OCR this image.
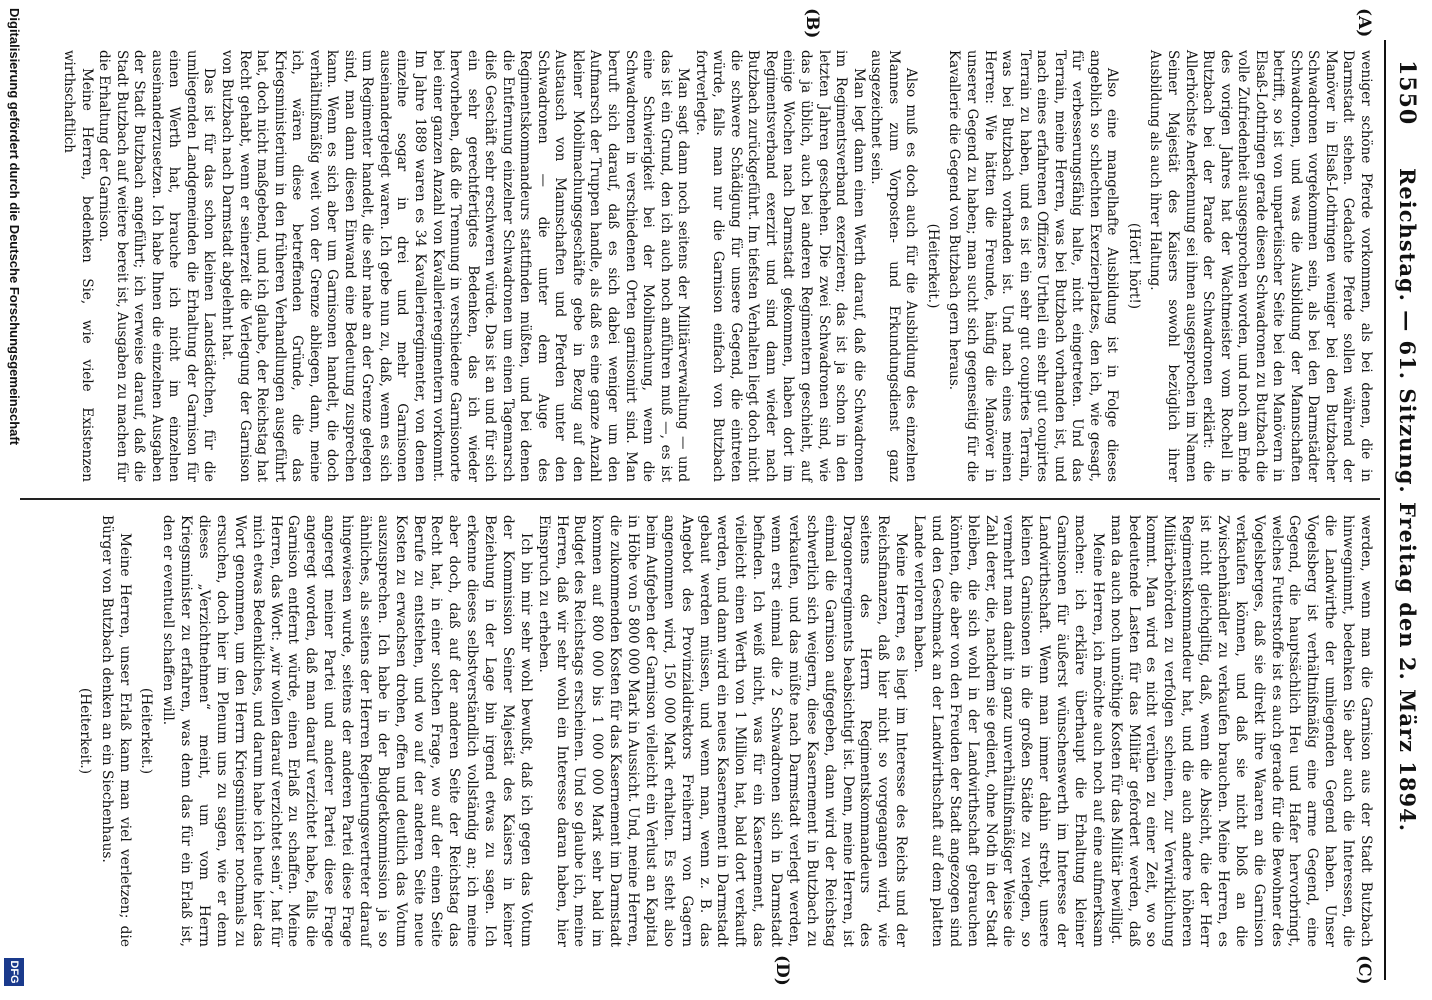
1550
Reichstag. — 61. Sitzung. Freitag den 2. März 1894.
(A)
(B)
(C)
(D)

weniger schöne Pferde vorkommen, als bei denen, die in Darmstadt stehen. Gedachte Pferde sollen während der Manöver in Elsaß-Lothringen weniger bei den Butzbacher Schwadronen vorgekommen sein, als bei den Darmstädter Schwadronen, und was die Ausbildung der Mannschaften betrifft, so ist von unparteiischer Seite bei den Manövern in Elsaß-Lothringen gerade diesen Schwadronen zu Butzbach die volle Zufriedenheit ausgesprochen worden, und noch am Ende des vorigen Jahres hat der Wachtmeister vom Rochell in Butzbach bei der Parade der Schwadronen erklärt: die Allerhöchste Anerkennung sei ihnen ausgesprochen im Namen Seiner Majestät des Kaisers sowohl bezüglich ihrer Ausbildung als auch ihrer Haltung.

(Hört! hört!)

Also eine mangelhafte Ausbildung ist in Folge dieses angeblich so schlechten Exerzierplatzes, den ich, wie gesagt, für verbesserungsfähig halte, nicht eingetreten. Und das Terrain, meine Herren, was bei Butzbach vorhanden ist, und nach eines erfahrenen Offiziers Urtheil ein sehr gut coupirtes Terrain zu haben, und es ist ein sehr gut coupirtes Terrain, was bei Butzbach vorhanden ist. Und nach eines meinen Herren: Wie hätten die Freunde, häufig die Manöver in unserer Gegend zu haben; man sucht sich gegenseitig für die Kavallerie die Gegend von Butzbach gern heraus.

(Heiterkeit.)

Also muß es doch auch für die Ausbildung des einzelnen Mannes zum Vorposten- und Erkundungsdienst ganz ausgezeichnet sein.

Man legt dann einen Werth darauf, daß die Schwadronen im Regimentsverband exerzieren; das ist ja schon in den letzten Jahren geschehen. Die zwei Schwadronen sind, wie das ja üblich, auch bei anderen Regimentern geschieht, auf einige Wochen nach Darmstadt gekommen, haben dort im Regimentsverband exerzirt und sind dann wieder nach Butzbach zurückgeführt. Im tiefsten Verhalten liegt doch nicht die schwere Schädigung für unsere Gegend, die eintreten würde, falls man nur die Garnison einfach von Butzbach fortverlegte.

Man sagt dann noch seitens der Militärverwaltung — und das ist ein Grund, den ich auch noch anführen muß —, es ist eine Schwierigkeit bei der Mobilmachung, wenn die Schwadronen in verschiedenen Orten garnisonirt sind. Man beruft sich darauf, daß es sich dabei weniger um den Aufmarsch der Truppen handle, als daß es eine ganze Anzahl kleiner Mobilmachungsgeschäfte gebe in Bezug auf den Austausch von Mannschaften und Pferden unter den Schwadronen — die unter dem Auge des Regimentskommandeurs stattfinden müßten, und bei denen die Entfernung einzelner Schwadronen um einen Tagemarsch dieß Geschäft sehr erschweren würde. Das ist an und für sich ein sehr gerechtfertigtes Bedenken, das ich wieder hervorheben, daß die Trennung in verschiedene Garnisonorte bei einer ganzen Anzahl von Kavallerieregimentern vorkommt. Im Jahre 1889 waren es 34 Kavallerieregimenter, von denen einzelne sogar in drei und mehr Garnisonen auseinandergelegt waren. Ich gebe nun zu, daß, wenn es sich um Regimenter handelt, die sehr nahe an der Grenze gelegen sind, man dann diesen Einwand eine Bedeutung zusprechen kann. Wenn es sich aber um Garnisonen handelt, die doch verhältnißmäßig weit von der Grenze abliegen, dann, meine ich, wären diese betreffenden Gründe, die das Kriegsministerium in den früheren Verhandlungen ausgeführt hat, doch nicht maßgebend, und ich glaube, der Reichstag hat Recht gehabt, wenn er seinerzeit die Verlegung der Garnison von Butzbach nach Darmstadt abgelehnt hat.

Das ist für das schon kleinen Landstädtchen, für die umliegenden Landgemeinden die Erhaltung der Garnison für einen Werth hat, brauche ich nicht im einzelnen auseinanderzusetzen. Ich habe Ihnen die einzelnen Ausgaben der Stadt Butzbach angeführt; ich verweise darauf, daß die Stadt Butzbach auf weitere bereit ist, Ausgaben zu machen für die Erhaltung der Garnison.

Meine Herren, bedenken Sie, wie viele Existenzen wirthschaftlich

werden, wenn man die Garnison aus der Stadt Butzbach hinwegnimmt, bedenken Sie aber auch die Interessen, die die Landwirthe der umliegenden Gegend haben. Unser Vogelsberg ist verhältnißmäßig eine arme Gegend, eine Gegend, die hauptsächlich Heu und Hafer hervorbringt, welches Futterstoffe ist es auch gerade für die Bewohner des Vogelsberges, daß sie direkt ihre Waaren an die Garnison verkaufen können, und daß sie nicht bloß an die Zwischenhändler zu verkaufen brauchen. Meine Herren, es ist nicht gleichgiltig, daß, wenn die Absicht, die der Herr Regimentskommandeur hat, und die auch andere höheren Militärbehörden zu verfolgen scheinen, zur Verwirklichung kommt. Man wird es nicht verüben zu einer Zeit, wo so bedeutende Lasten für das Militär gefordert werden, daß man da auch noch unnöthige Kosten für das Militär bewilligt.

Meine Herren, ich möchte auch noch auf eine aufmerksam machen: ich erkläre überhaupt die Erhaltung kleiner Garnisonen für äußerst wünschenswerth im Interesse der Landwirthschaft. Wenn man immer dahin strebt, unsere kleinen Garnisonen in die großen Städte zu verlegen, so vermehrt man damit in ganz unverhältnißmäßiger Weise die Zahl derer, die, nachdem sie gedient, ohne Noth in der Stadt bleiben, die sich wohl in der Landwirthschaft gebrauchen könnten, die aber von den Freuden der Stadt angezogen sind und den Geschmack an der Landwirthschaft auf dem platten Lande verloren haben.

Meine Herren, es liegt im Interesse des Reichs und der Reichsfinanzen, daß hier nicht so vorgegangen wird, wie seitens des Herrn Regimentskommandeurs des Dragonerregiments beabsichtigt ist. Denn, meine Herren, ist einmal die Garnison aufgegeben, dann wird der Reichstag schwerlich sich weigern, diese Kasernement in Butzbach zu verkaufen, und das müßte nach Darmstadt verlegt werden, wenn erst einmal die 2 Schwadronen sich in Darmstadt befinden. Ich weiß nicht, was für ein Kasernement, das vielleicht einen Werth von 1 Million hat, bald dort verkauft werden, und dann wird ein neues Kasernement in Darmstadt gebaut werden müssen, und wenn man, wenn z. B. das Angebot des Provinzialdirektors Freiherrn von Gagern angenommen wird, 150 000 Mark erhalten. Es steht also beim Aufgeben der Garnison vielleicht ein Verlust an Kapital in Höhe von 5 800 000 Mark in Aussicht. Und, meine Herren, die zukommenden Kosten für das Kasernement im Darmstadt kommen auf 800 000 bis 1 000 000 Mark sehr bald im Budget des Reichstags erscheinen. Und so glaube ich, meine Herren, daß wir sehr wohl ein Interesse daran haben, hier Einspruch zu erheben.

Ich bin mir sehr wohl bewußt, daß ich gegen das Votum der Kommission Seiner Majestät des Kaisers in keiner Beziehung in der Lage bin irgend etwas zu sagen. Ich erkenne dieses selbstverständlich vollständig an; ich meine aber doch, daß auf der anderen Seite der Reichstag das Recht hat, in einer solchen Frage, wo auf der einen Seite Berufe zu entstehen, und wo auf der anderen Seite neue Kosten zu erwachsen drohen, offen und deutlich das Votum auszusprechen. Ich habe in der Budgetkommission ja so ähnliches, als seitens der Herren Regierungsvertreter darauf hingewiesen wurde, seitens der anderen Partei diese Frage angeregt meiner Partei und anderer Partei diese Frage angeregt worden, daß man darauf verzichtet habe, falls die Garnison entfernt würde, einen Erlaß zu schaffen. Meine Herren, das Wort: „wir wollen darauf verzichtet sein“, hat für mich etwas Bedenkliches, und darum habe ich heute hier das Wort genommen, um den Herrn Kriegsminister nochmals zu ersuchen, doch hier im Plenum uns zu sagen, wie er denn dieses „Verzichtnehmen“ meint, um vom Herrn Kriegsminister zu erfahren, was denn das für ein Erlaß ist, den er eventuell schaffen will.

(Heiterkeit.)

Meine Herren, unser Erlaß kann man viel verletzen; die Bürger von Butzbach denken an ein Siechenhaus.

(Heiterkeit.)

Digitalisierung gefördert durch die Deutsche Forschungsgemeinschaft
DFG
